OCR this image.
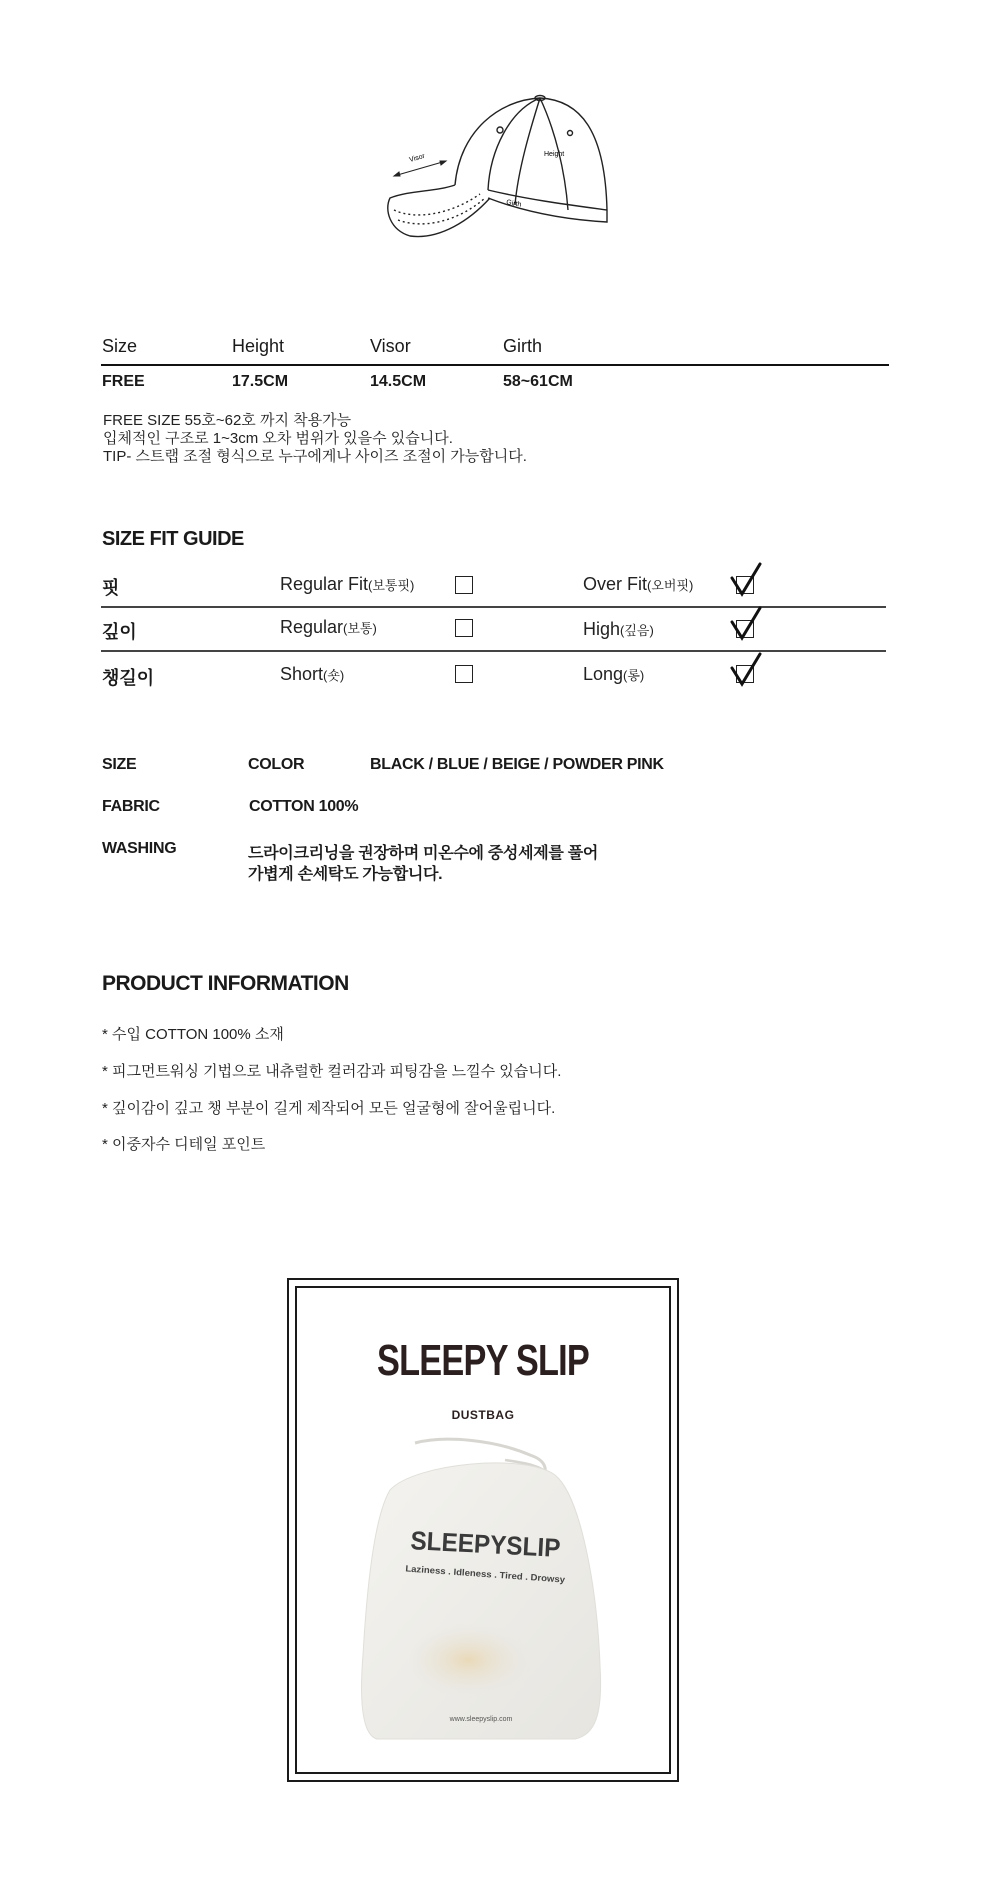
Visor	Height
Girth
Size	Height	Visor	Girth
FREE	17.5CM	14.5CM	58~61CM
FREE SIZE 55호~62호 까지 착용가능
입체적인 구조로 1~3cm 오차 범위가 있을수 있습니다.
TIP- 스트랩 조절 형식으로 누구에게나 사이즈 조절이 가능합니다.
SIZE FIT GUIDE
핏	Regular Fit(보통핏)	Over Fit(오버핏)
깊이	Regular(보통)	High(깊음)
챙길이	Short(숏)	Long(롱)
SIZE	COLOR	BLACK / BLUE / BEIGE / POWDER PINK
FABRIC	COTTON 100%
WASHING	드라이크리닝을 권장하며 미온수에 중성세제를 풀어
가볍게 손세탁도 가능합니다.
PRODUCT INFORMATION
* 수입 COTTON 100% 소재
* 피그먼트워싱 기법으로 내츄럴한 컬러감과 피팅감을 느낄수 있습니다.
* 깊이감이 깊고 챙 부분이 길게 제작되어 모든 얼굴형에 잘어울립니다.
* 이중자수 디테일 포인트
SLEEPY SLIP
DUSTBAG
SLEEPYSLIP
Laziness . Idleness . Tired . Drowsy
www.sleepyslip.com
